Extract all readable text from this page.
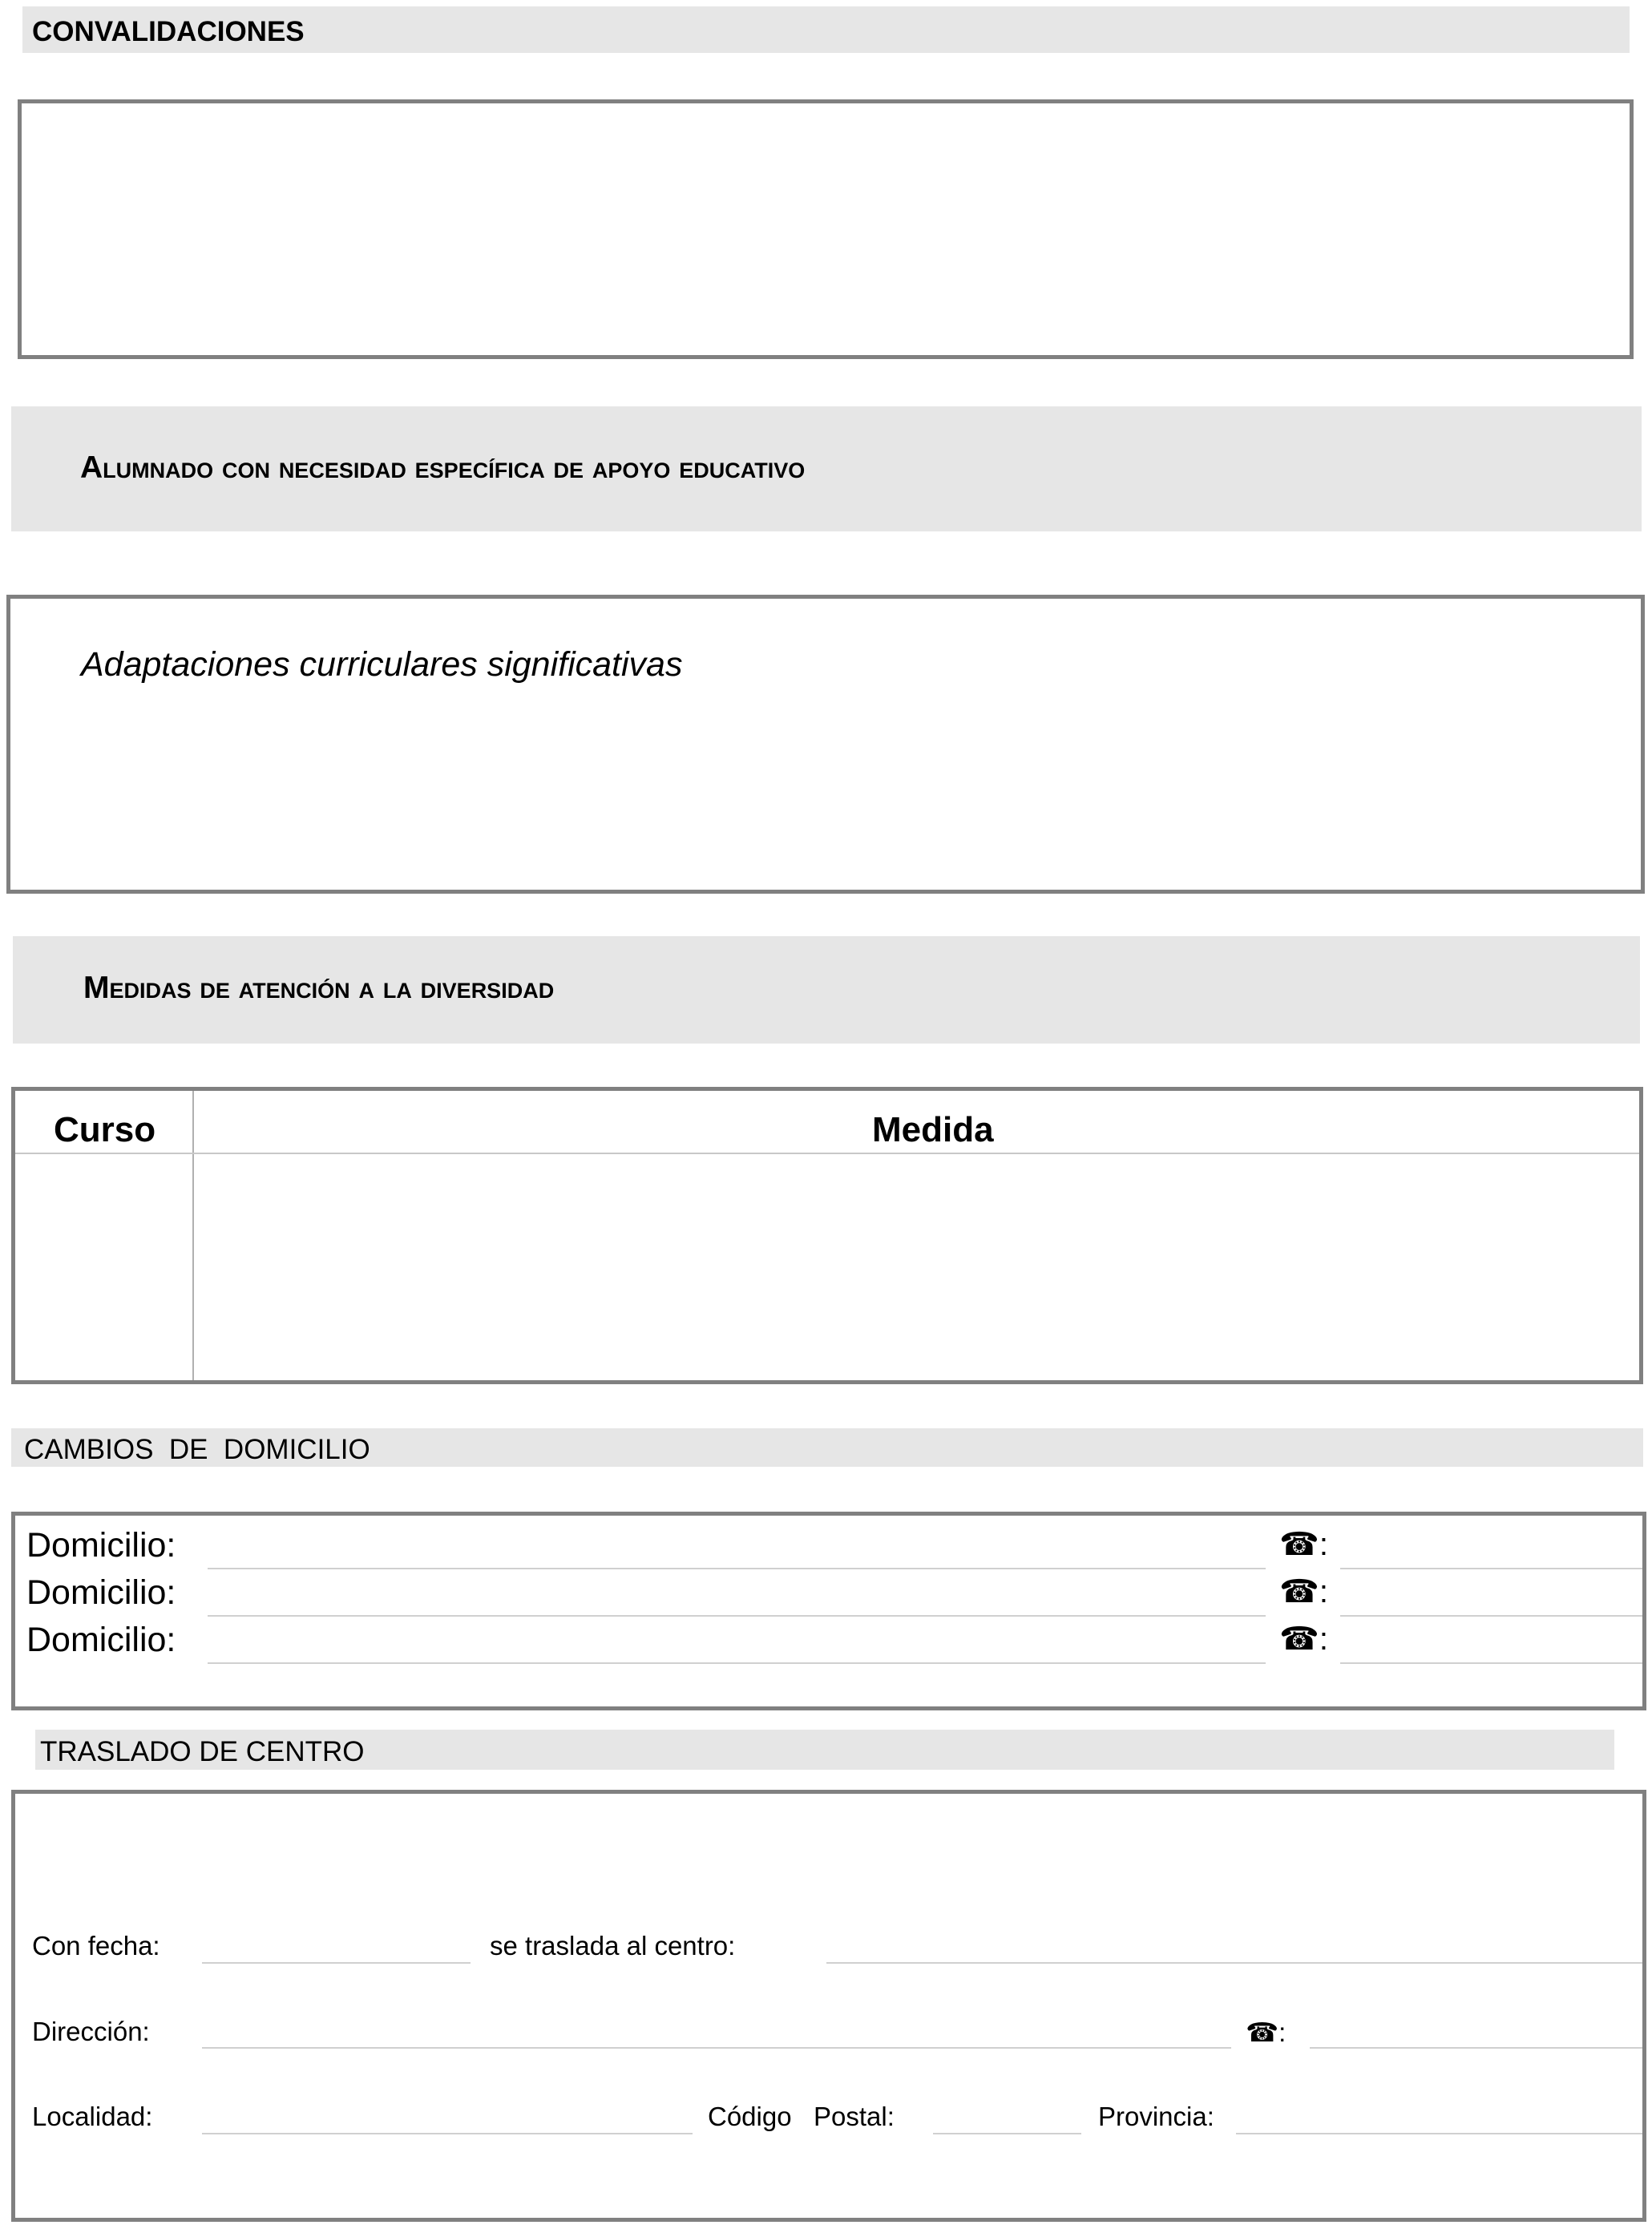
CONVALIDACIONES
Alumnado con necesidad específica de apoyo educativo
Adaptaciones curriculares significativas
Medidas de atención a la diversidad
Curso	Medida
CAMBIOS  DE  DOMICILIO
Domicilio:	☎:
Domicilio:	☎:
Domicilio:	☎:
TRASLADO DE CENTRO
Con fecha:	se traslada al centro:
Dirección:	☎:
Localidad:	Código Postal:	Provincia:
